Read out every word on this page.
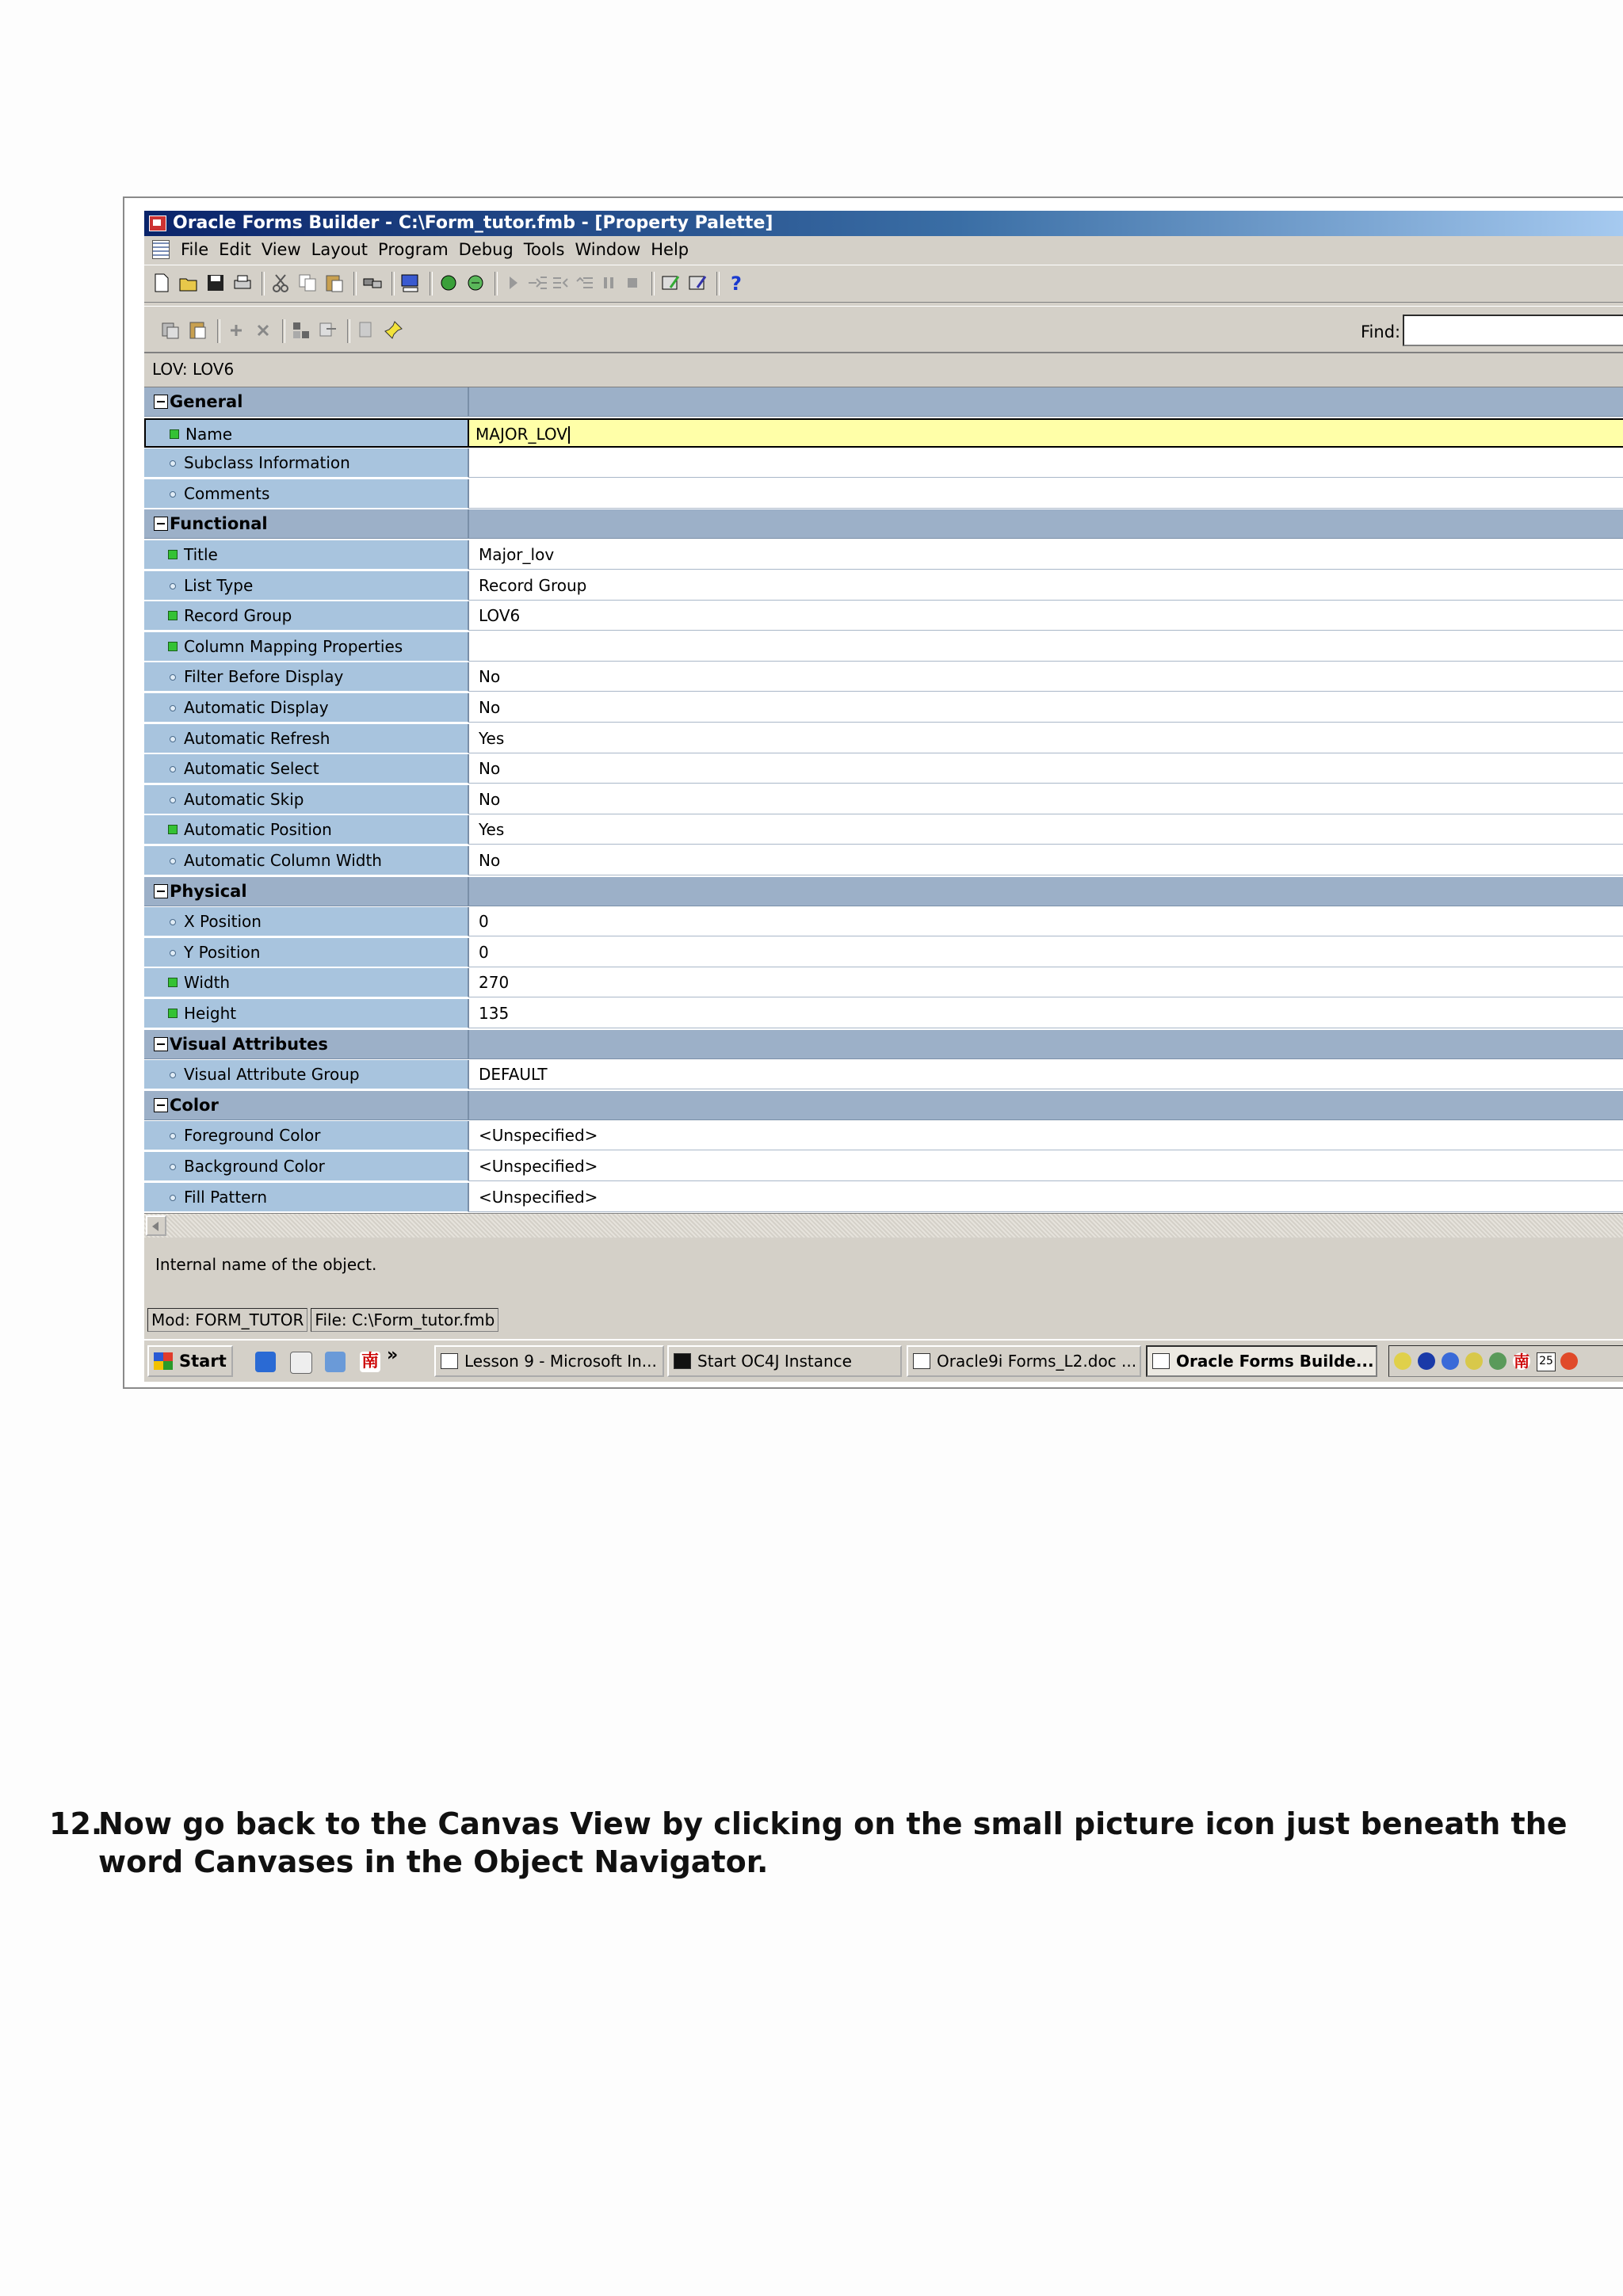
Oracle Forms Builder - C:\Form_tutor.fmb - [Property Palette]
File Edit View Layout Program Debug Tools Window Help
?
Find:
LOV: LOV6
General
Name	MAJOR_LOV
Subclass Information
Comments
Functional
Title	Major_lov
List Type	Record Group
Record Group	LOV6
Column Mapping Properties
Filter Before Display	No
Automatic Display	No
Automatic Refresh	Yes
Automatic Select	No
Automatic Skip	No
Automatic Position	Yes
Automatic Column Width	No
Physical
X Position	0
Y Position	0
Width	270
Height	135
Visual Attributes
Visual Attribute Group	DEFAULT
Color
Foreground Color	<Unspecified>
Background Color	<Unspecified>
Fill Pattern	<Unspecified>
Internal name of the object.
Mod: FORM_TUTOR File: C:\Form_tutor.fmb
Start	南 »	Lesson 9 - Microsoft In...	Start OC4J Instance	Oracle9i Forms_L2.doc ...	Oracle Forms Builde...	南 25
12.
Now go back to the Canvas View by clicking on the small picture icon just beneath the word Canvases in the Object Navigator.
